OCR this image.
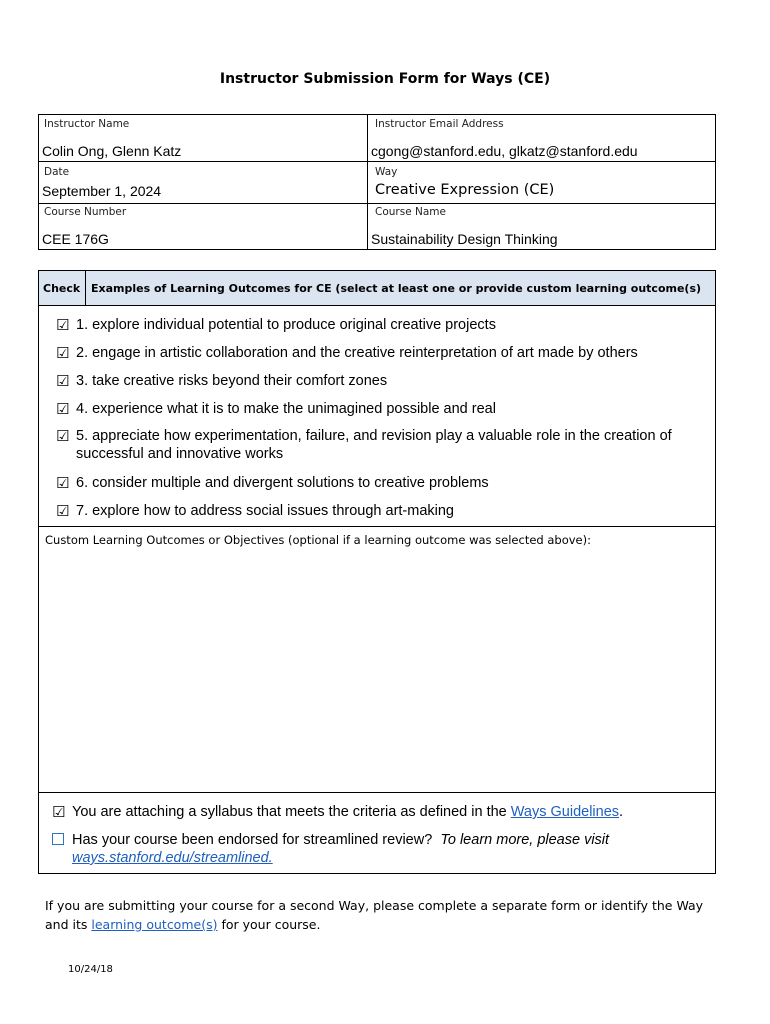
Instructor Submission Form for Ways (CE)
Instructor Name
Colin Ong, Glenn Katz
Instructor Email Address
cgong@stanford.edu, glkatz@stanford.edu
Date
September 1, 2024
Way
Creative Expression (CE)
Course Number
CEE 176G
Course Name
Sustainability Design Thinking
Check Examples of Learning Outcomes for CE (select at least one or provide custom learning outcome(s)
☑ 1. explore individual potential to produce original creative projects
☑ 2. engage in artistic collaboration and the creative reinterpretation of art made by others
☑ 3. take creative risks beyond their comfort zones
☑ 4. experience what it is to make the unimagined possible and real
☑ 5. appreciate how experimentation, failure, and revision play a valuable role in the creation of successful and innovative works
☑ 6. consider multiple and divergent solutions to creative problems
☑ 7. explore how to address social issues through art-making
Custom Learning Outcomes or Objectives (optional if a learning outcome was selected above):
☑ You are attaching a syllabus that meets the criteria as defined in the Ways Guidelines.
Has your course been endorsed for streamlined review? To learn more, please visit
ways.stanford.edu/streamlined.
If you are submitting your course for a second Way, please complete a separate form or identify the Way and its learning outcome(s) for your course.
10/24/18
